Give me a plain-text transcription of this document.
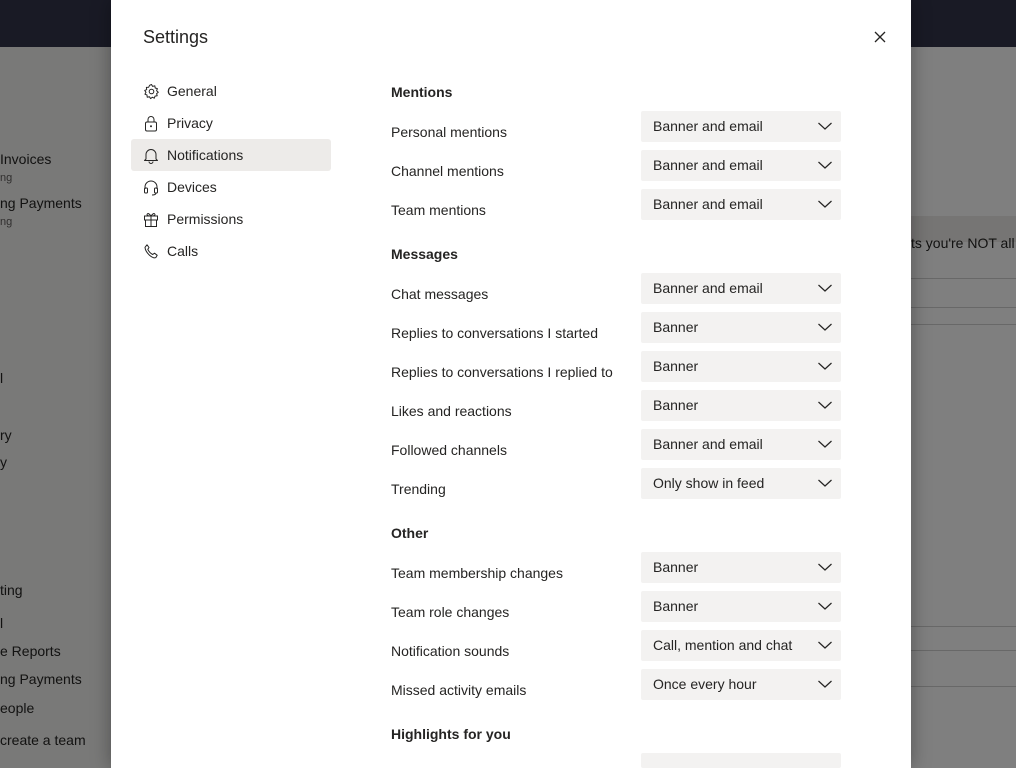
Settings
General
Privacy
Notifications
Devices
Permissions
Calls
Mentions
Personal mentions	Banner and email
Channel mentions	Banner and email
Team mentions	Banner and email
Messages
Chat messages	Banner and email
Replies to conversations I started	Banner
Replies to conversations I replied to	Banner
Likes and reactions	Banner
Followed channels	Banner and email
Trending	Only show in feed
Other
Team membership changes	Banner
Team role changes	Banner
Notification sounds	Call, mention and chat
Missed activity emails	Once every hour
Highlights for you
